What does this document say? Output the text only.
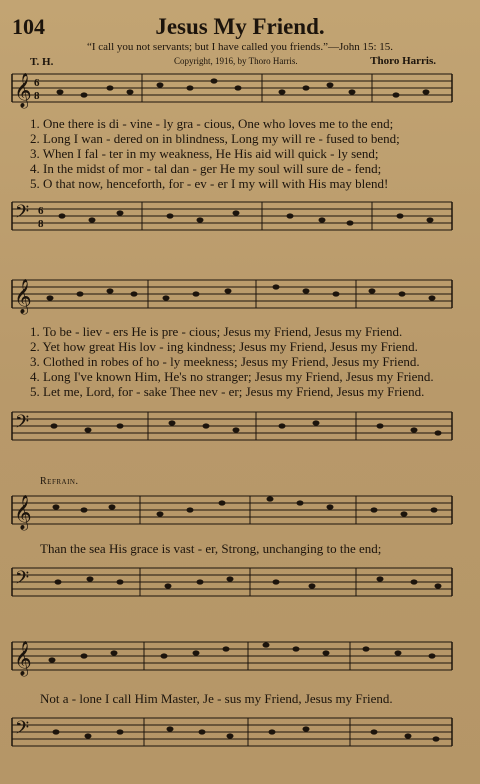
104	Jesus My Friend.
“I call you not servants; but I have called you friends.”—John 15: 15.
T. H.	Copyright, 1916, by Thoro Harris.	Thoro Harris.
𝄞 6
8
1. One there is di - vine - ly gra - cious, One who loves me to the end;
2. Long I wan - dered on in blindness, Long my will re - fused to bend;
3. When I fal - ter in my weakness, He His aid will quick - ly send;
4. In the midst of mor - tal dan - ger He my soul will sure de - fend;
5. O that now, henceforth, for - ev - er I my will with His may blend!
𝄢 6
8
𝄞
1. To be - liev - ers He is pre - cious; Jesus my Friend, Jesus my Friend.
2. Yet how great His lov - ing kindness; Jesus my Friend, Jesus my Friend.
3. Clothed in robes of ho - ly meekness; Jesus my Friend, Jesus my Friend.
4. Long I've known Him, He's no stranger; Jesus my Friend, Jesus my Friend.
5. Let me, Lord, for - sake Thee nev - er; Jesus my Friend, Jesus my Friend.
𝄢
Refrain.
𝄞
Than the sea His grace is vast - er, Strong, unchanging to the end;
𝄢
𝄞
Not a - lone I call Him Master, Je - sus my Friend, Jesus my Friend.
𝄢
